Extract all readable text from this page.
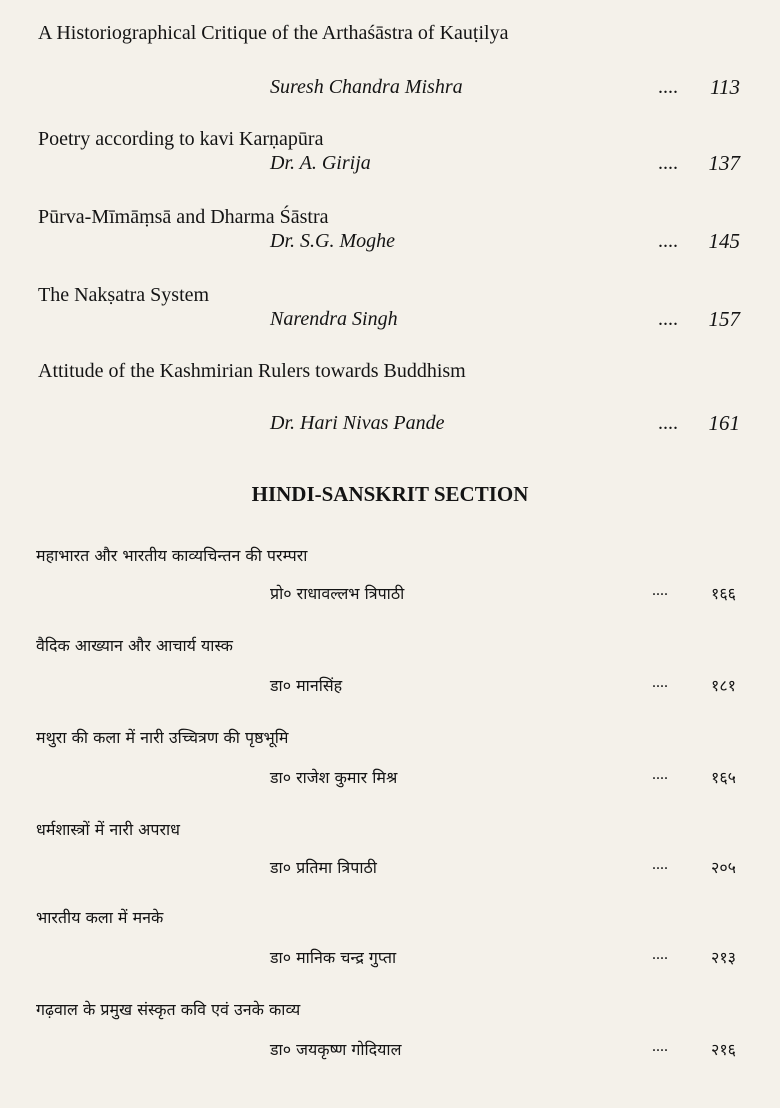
A Historiographical Critique of the Arthaśāstra of Kauṭilya
Suresh Chandra Mishra	....	113
Poetry according to kavi Karṇapūra
Dr. A. Girija	....	137
Pūrva-Mīmāṃsā and Dharma Śāstra
Dr. S.G. Moghe	....	145
The Nakṣatra System
Narendra Singh	....	157
Attitude of the Kashmirian Rulers towards Buddhism
Dr. Hari Nivas Pande	....	161
HINDI-SANSKRIT SECTION
महाभारत और भारतीय काव्यचिन्तन की परम्परा
प्रो० राधावल्लभ त्रिपाठी	....	१६६
वैदिक आख्यान और आचार्य यास्क
डा० मानसिंह	....	१८१
मथुरा की कला में नारी उच्चित्रण की पृष्ठभूमि
डा० राजेश कुमार मिश्र	....	१६५
धर्मशास्त्रों में नारी अपराध
डा० प्रतिमा त्रिपाठी	....	२०५
भारतीय कला में मनके
डा० मानिक चन्द्र गुप्ता	....	२१३
गढ़वाल के प्रमुख संस्कृत कवि एवं उनके काव्य
डा० जयकृष्ण गोदियाल	....	२१६
